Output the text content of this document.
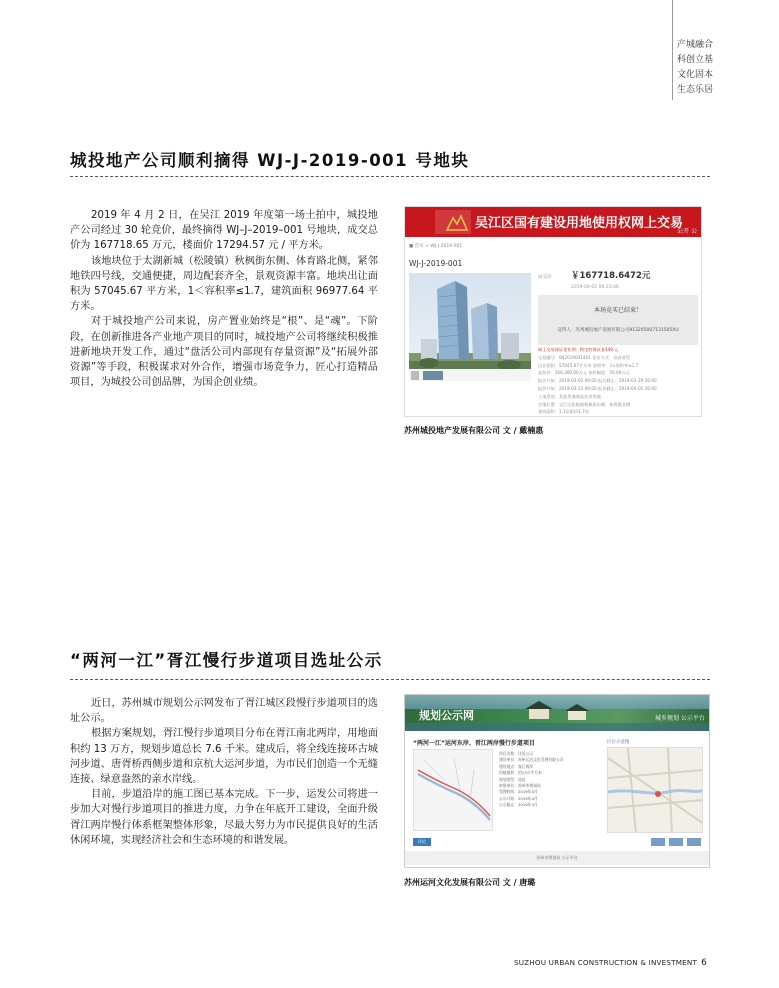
产城融合
科创立基
文化固本
生态乐居
城投地产公司顺利摘得 WJ-J-2019-001 号地块

2019 年 4 月 2 日，在吴江 2019 年度第一场土拍中，城投地产公司经过 30 轮竞价，最终摘得 WJ–J–2019–001 号地块，成交总价为 167718.65 万元，楼面价 17294.57 元 / 平方米。

该地块位于太湖新城（松陵镇）秋枫街东侧、体育路北侧，紧邻地铁四号线，交通便捷，周边配套齐全，景观资源丰富。地块出让面积为 57045.67 平方米，1＜容积率≤1.7，建筑面积 96977.64 平方米。

对于城投地产公司来说，房产置业始终是“根”、是“魂”。下阶段，在创新推进各产业地产项目的同时，城投地产公司将继续积极推进新地块开发工作，通过“盘活公司内部现有存量资源”及“拓展外部资源”等手段，积极谋求对外合作，增强市场竞争力，匠心打造精品项目，为城投公司创品牌，为国企创业绩。

吴江区国有建设用地使用权网上交易
公开 公
■ 首页 > WJ-J-2019-001
WJ-J-2019-001
成交价 ￥167718.6472元
2019-04-02 09:23:46
本场竞买已结束！
竞得人：苏州城投地产发展有限公司913205007131505XU
网上交易保证金比例：特定的保证金140 元
交易编号：WJ2019041401 竞价方式：价高者得
出让面积：57045.67平方米 容积率：1<容积率≤1.7
起始价：166,300.00万元 加价幅度：50.00万元
报名开始：2019-03-02 09:00 报名截止：2019-03-29 16:00
报价开始：2019-03-22 09:00 报价截止：2019-04-01 16:00
土地用途：其他普通商品住房用地
宗地位置：吴江区松陵镇秋枫街东侧、体育路北侧
建筑面积：1.1倍限价1.7倍
苏州城投地产发展有限公司 文 / 戴楠惠
“两河一江”胥江慢行步道项目选址公示

近日，苏州城市规划公示网发布了胥江城区段慢行步道项目的选址公示。

根据方案规划，胥江慢行步道项目分布在胥江南北两岸，用地面积约 13 万方，规划步道总长 7.6 千米。建成后，将全线连接环古城河步道、唐胥桥西侧步道和京杭大运河步道，为市民们创造一个无缝连接、绿意盎然的亲水岸线。

目前，步道沿岸的施工图已基本完成。下一步，运发公司将进一步加大对慢行步道项目的推进力度，力争在年底开工建设，全面升级胥江两岸慢行体系框架整体形象，尽最大努力为市民提供良好的生活休闲环境，实现经济社会和生态环境的和谐发展。

规划公示网	城乡规划 公示平台
“两河一江”运河东岸、胥江两岸慢行步道项目	区位示意图
项目名称：详见公示
建设单位：苏州运河文化发展有限公司
建设地点：胥江两岸
用地面积：约13万平方米
规划类型：选址
审批单位：苏州市规划局
受理时间：2019年4月
公示开始：2019年4月
公示截止：2019年4月
评论
苏州市规划局 公示平台
苏州运河文化发展有限公司 文 / 唐璐
SUZHOU URBAN CONSTRUCTION & INVESTMENT 6
